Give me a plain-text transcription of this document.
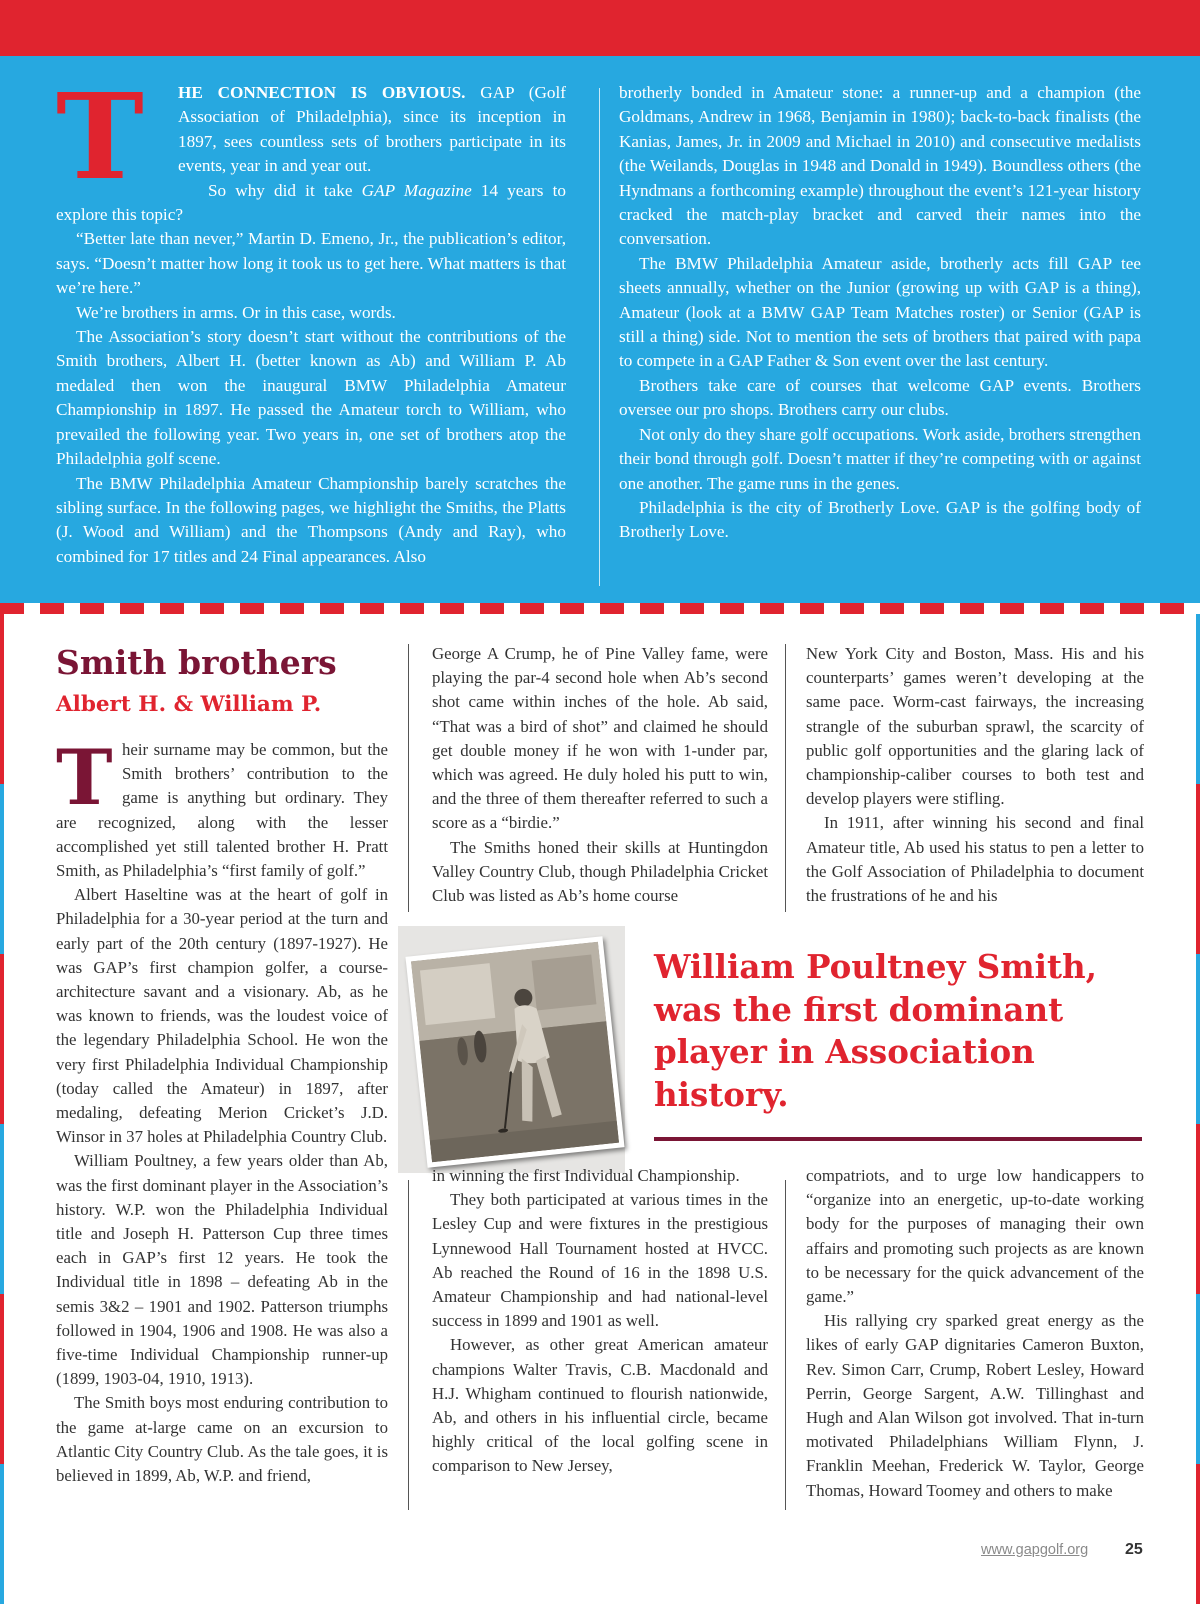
T	HE CONNECTION IS OBVIOUS. GAP (Golf Association of Philadelphia), since its inception in 1897, sees countless sets of brothers participate in its events, year in and year out.

So why did it take GAP Magazine 14 years to explore this topic?

“Better late than never,” Martin D. Emeno, Jr., the publication’s editor, says. “Doesn’t matter how long it took us to get here. What matters is that we’re here.”

We’re brothers in arms. Or in this case, words.

The Association’s story doesn’t start without the contributions of the Smith brothers, Albert H. (better known as Ab) and William P. Ab medaled then won the inaugural BMW Philadelphia Amateur Championship in 1897. He passed the Amateur torch to William, who prevailed the following year. Two years in, one set of brothers atop the Philadelphia golf scene.

The BMW Philadelphia Amateur Championship barely scratches the sibling surface. In the following pages, we highlight the Smiths, the Platts (J. Wood and William) and the Thompsons (Andy and Ray), who combined for 17 titles and 24 Final appearances. Also

brotherly bonded in Amateur stone: a runner-up and a champion (the Goldmans, Andrew in 1968, Benjamin in 1980); back-to-back finalists (the Kanias, James, Jr. in 2009 and Michael in 2010) and consecutive medalists (the Weilands, Douglas in 1948 and Donald in 1949). Boundless others (the Hyndmans a forthcoming example) throughout the event’s 121-year history cracked the match-play bracket and carved their names into the conversation.

The BMW Philadelphia Amateur aside, brotherly acts fill GAP tee sheets annually, whether on the Junior (growing up with GAP is a thing), Amateur (look at a BMW GAP Team Matches roster) or Senior (GAP is still a thing) side. Not to mention the sets of brothers that paired with papa to compete in a GAP Father & Son event over the last century.

Brothers take care of courses that welcome GAP events. Brothers oversee our pro shops. Brothers carry our clubs.

Not only do they share golf occupations. Work aside, brothers strengthen their bond through golf. Doesn’t matter if they’re competing with or against one another. The game runs in the genes.

Philadelphia is the city of Brotherly Love. GAP is the golfing body of Brotherly Love.

Smith brothers
Albert H. & William P.
T heir surname may be common, but the Smith brothers’ contribution to the game is anything but ordinary. They are recognized, along with the lesser accomplished yet still talented brother H. Pratt Smith, as Philadelphia’s “first family of golf.”

Albert Haseltine was at the heart of golf in Philadelphia for a 30-year period at the turn and early part of the 20th century (1897-1927). He was GAP’s first champion golfer, a course-architecture savant and a visionary. Ab, as he was known to friends, was the loudest voice of the legendary Philadelphia School. He won the very first Philadelphia Individual Championship (today called the Amateur) in 1897, after medaling, defeating Merion Cricket’s J.D. Winsor in 37 holes at Philadelphia Country Club.

William Poultney, a few years older than Ab, was the first dominant player in the Association’s history. W.P. won the Philadelphia Individual title and Joseph H. Patterson Cup three times each in GAP’s first 12 years. He took the Individual title in 1898 – defeating Ab in the semis 3&2 – 1901 and 1902. Patterson triumphs followed in 1904, 1906 and 1908. He was also a five-time Individual Championship runner-up (1899, 1903-04, 1910, 1913).

The Smith boys most enduring contribution to the game at-large came on an excursion to Atlantic City Country Club. As the tale goes, it is believed in 1899, Ab, W.P. and friend,

George A Crump, he of Pine Valley fame, were playing the par-4 second hole when Ab’s second shot came within inches of the hole. Ab said, “That was a bird of shot” and claimed he should get double money if he won with 1-under par, which was agreed. He duly holed his putt to win, and the three of them thereafter referred to such a score as a “birdie.”

The Smiths honed their skills at Huntingdon Valley Country Club, though Philadelphia Cricket Club was listed as Ab’s home course

New York City and Boston, Mass. His and his counterparts’ games weren’t developing at the same pace. Worm-cast fairways, the increasing strangle of the suburban sprawl, the scarcity of public golf opportunities and the glaring lack of championship-caliber courses to both test and develop players were stifling.

In 1911, after winning his second and final Amateur title, Ab used his status to pen a letter to the Golf Association of Philadelphia to document the frustrations of he and his

William Poultney Smith, was the first dominant player in Association history.

in winning the first Individual Championship.

They both participated at various times in the Lesley Cup and were fixtures in the prestigious Lynnewood Hall Tournament hosted at HVCC. Ab reached the Round of 16 in the 1898 U.S. Amateur Championship and had national-level success in 1899 and 1901 as well.

However, as other great American amateur champions Walter Travis, C.B. Macdonald and H.J. Whigham continued to flourish nationwide, Ab, and others in his influential circle, became highly critical of the local golfing scene in comparison to New Jersey,

compatriots, and to urge low handicappers to “organize into an energetic, up-to-date working body for the purposes of managing their own affairs and promoting such projects as are known to be necessary for the quick advancement of the game.”

His rallying cry sparked great energy as the likes of early GAP dignitaries Cameron Buxton, Rev. Simon Carr, Crump, Robert Lesley, Howard Perrin, George Sargent, A.W. Tillinghast and Hugh and Alan Wilson got involved. That in-turn motivated Philadelphians William Flynn, J. Franklin Meehan, Frederick W. Taylor, George Thomas, Howard Toomey and others to make

www.gapgolf.org 25
